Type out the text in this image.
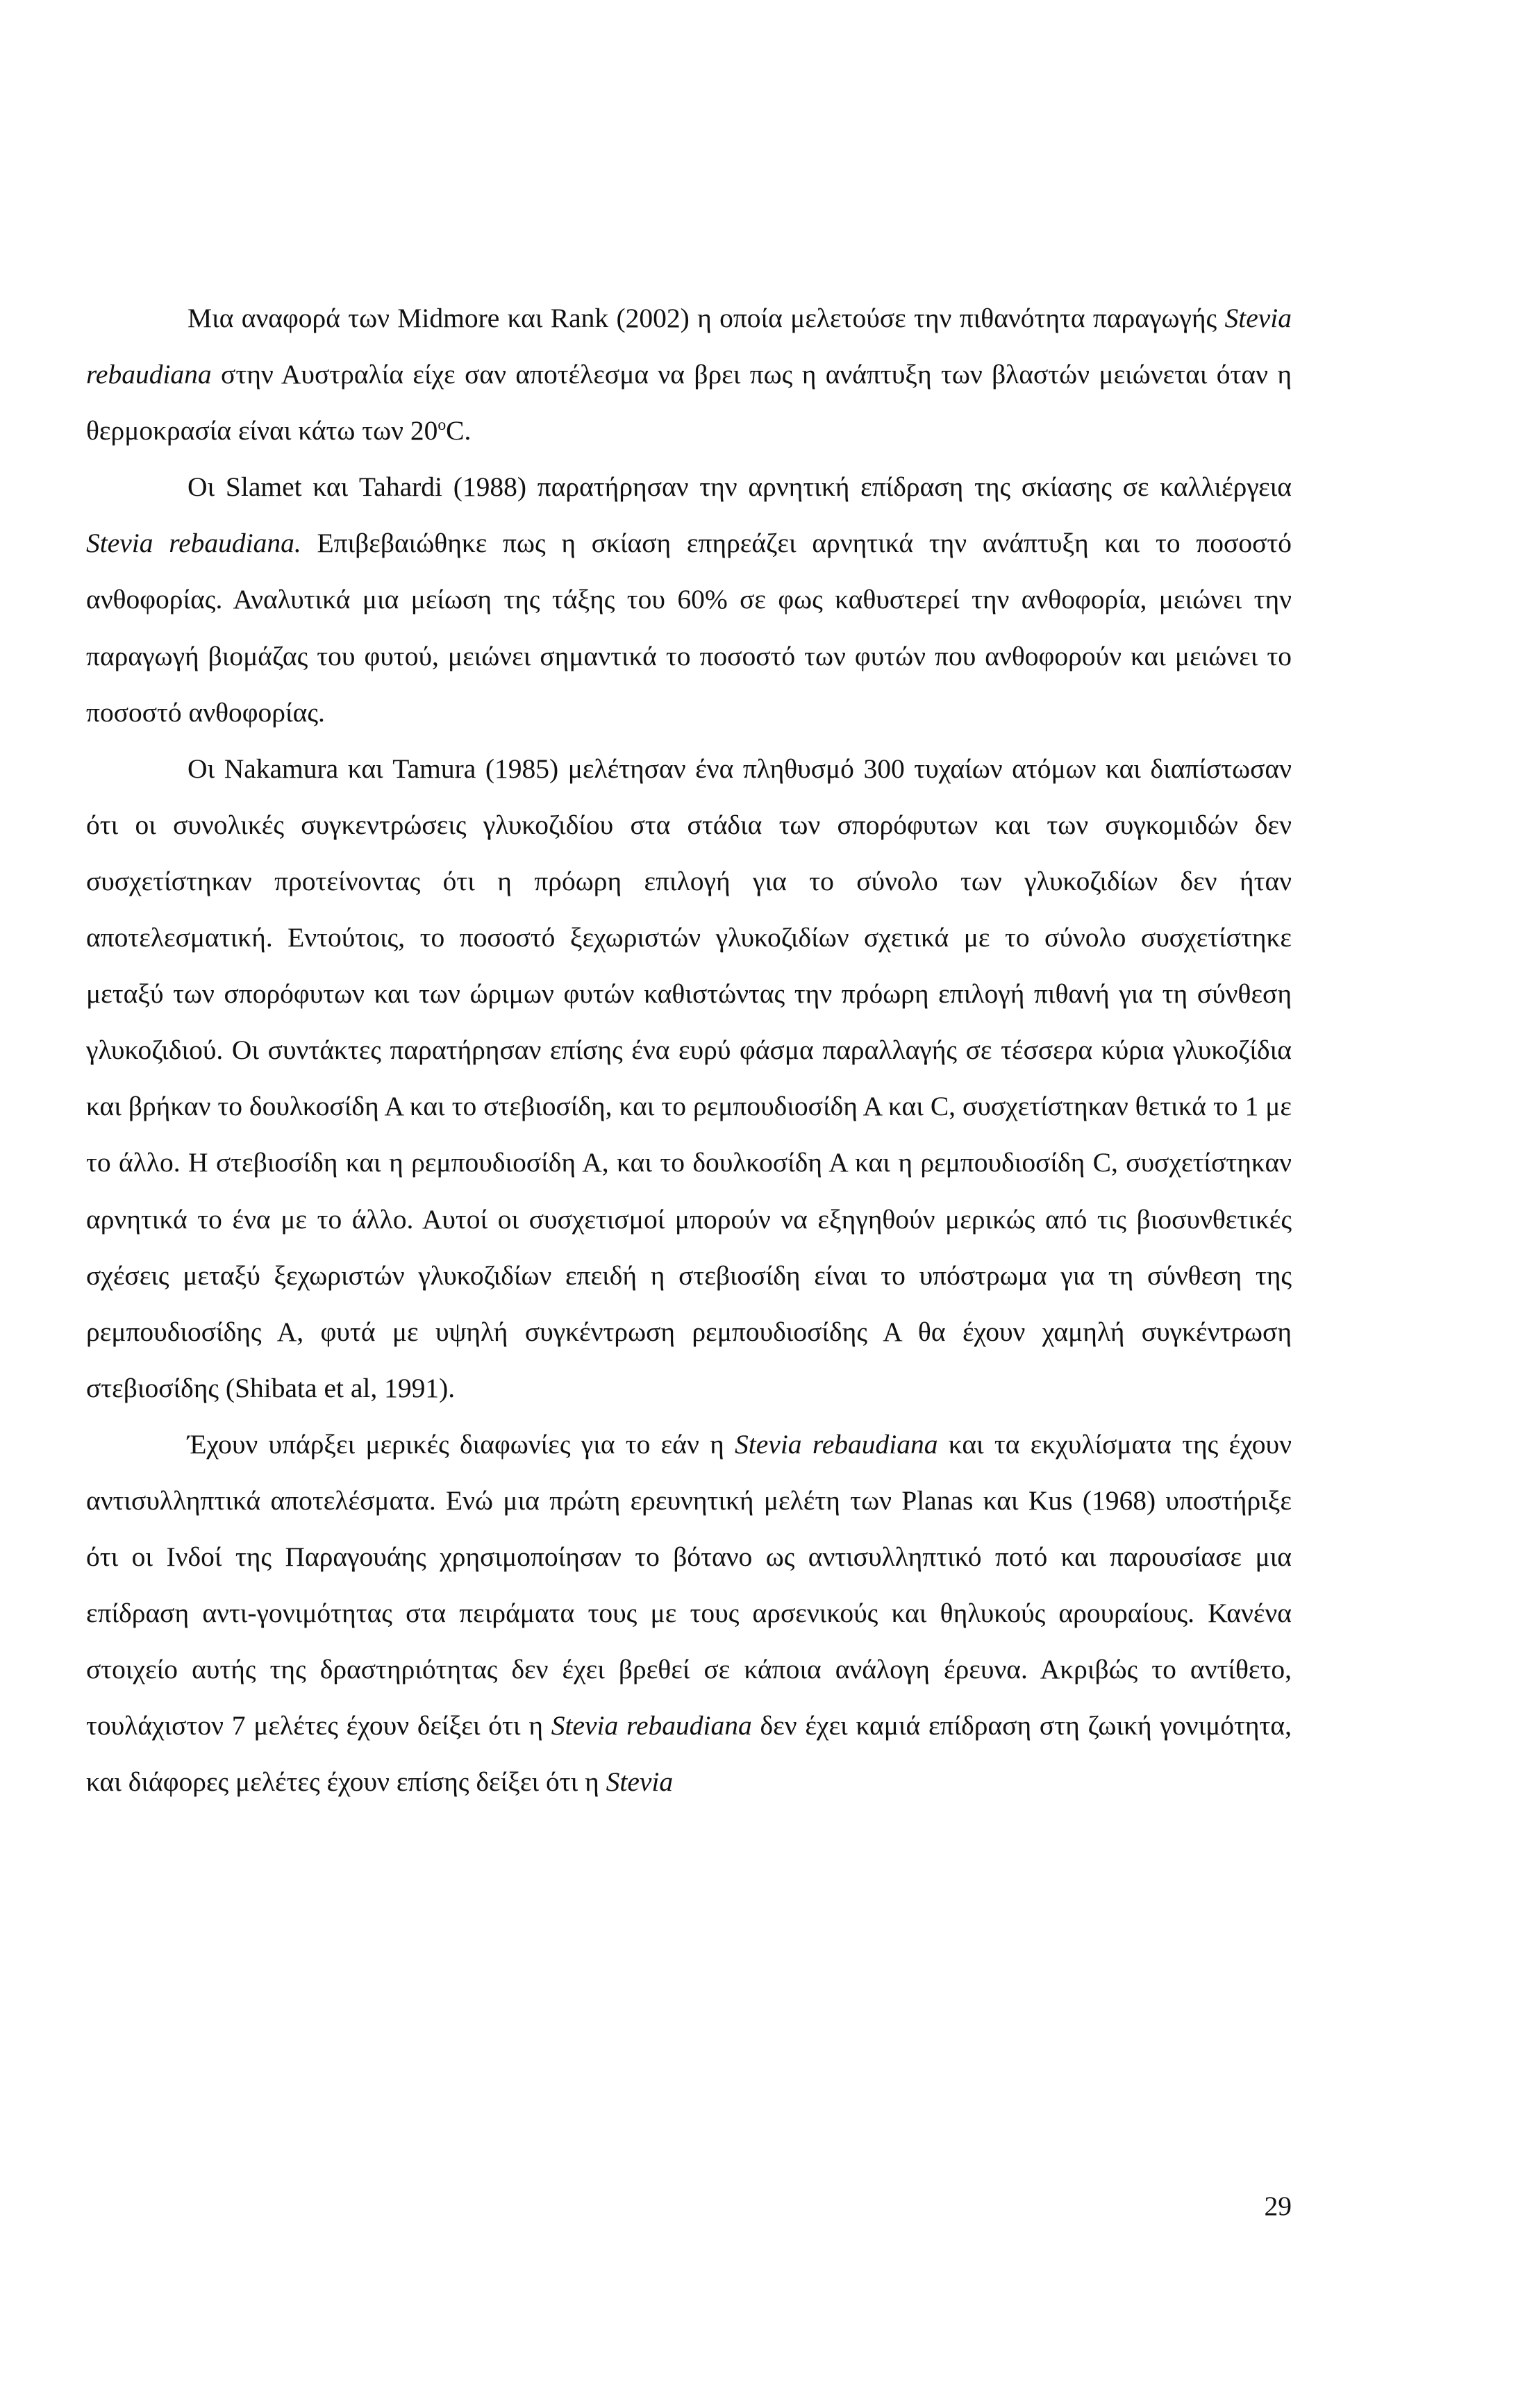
Μια αναφορά των Midmore και Rank (2002) η οποία μελετούσε την πιθανότητα παραγωγής Stevia rebaudiana στην Αυστραλία είχε σαν αποτέλεσμα να βρει πως η ανάπτυξη των βλαστών μειώνεται όταν η θερμοκρασία είναι κάτω των $20^oC$.

Οι Slamet και Tahardi (1988) παρατήρησαν την αρνητική επίδραση της σκίασης σε καλλιέργεια Stevia rebaudiana. Επιβεβαιώθηκε πως η σκίαση επηρεάζει αρνητικά την ανάπτυξη και το ποσοστό ανθοφορίας. Αναλυτικά μια μείωση της τάξης του 60% σε φως καθυστερεί την ανθοφορία, μειώνει την παραγωγή βιομάζας του φυτού, μειώνει σημαντικά το ποσοστό των φυτών που ανθοφορούν και μειώνει το ποσοστό ανθοφορίας.

Οι Nakamura και Tamura (1985) μελέτησαν ένα πληθυσμό 300 τυχαίων ατόμων και διαπίστωσαν ότι οι συνολικές συγκεντρώσεις γλυκοζιδίου στα στάδια των σπορόφυτων και των συγκομιδών δεν συσχετίστηκαν προτείνοντας ότι η πρόωρη επιλογή για το σύνολο των γλυκοζιδίων δεν ήταν αποτελεσματική. Εντούτοις, το ποσοστό ξεχωριστών γλυκοζιδίων σχετικά με το σύνολο συσχετίστηκε μεταξύ των σπορόφυτων και των ώριμων φυτών καθιστώντας την πρόωρη επιλογή πιθανή για τη σύνθεση γλυκοζιδιού. Οι συντάκτες παρατήρησαν επίσης ένα ευρύ φάσμα παραλλαγής σε τέσσερα κύρια γλυκοζίδια και βρήκαν το δουλκοσίδη Α και το στεβιοσίδη, και το ρεμπουδιοσίδη Α και C, συσχετίστηκαν θετικά το 1 με το άλλο. Η στεβιοσίδη και η ρεμπουδιοσίδη Α, και το δουλκοσίδη Α και η ρεμπουδιοσίδη C, συσχετίστηκαν αρνητικά το ένα με το άλλο. Αυτοί οι συσχετισμοί μπορούν να εξηγηθούν μερικώς από τις βιοσυνθετικές σχέσεις μεταξύ ξεχωριστών γλυκοζιδίων επειδή η στεβιοσίδη είναι το υπόστρωμα για τη σύνθεση της ρεμπουδιοσίδης Α, φυτά με υψηλή συγκέντρωση ρεμπουδιοσίδης Α θα έχουν χαμηλή συγκέντρωση στεβιοσίδης (Shibata et al, 1991).

Έχουν υπάρξει μερικές διαφωνίες για το εάν η Stevia rebaudiana και τα εκχυλίσματα της έχουν αντισυλληπτικά αποτελέσματα. Ενώ μια πρώτη ερευνητική μελέτη των Planas και Kus (1968) υποστήριξε ότι οι Ινδοί της Παραγουάης χρησιμοποίησαν το βότανο ως αντισυλληπτικό ποτό και παρουσίασε μια επίδραση αντι-γονιμότητας στα πειράματα τους με τους αρσενικούς και θηλυκούς αρουραίους. Κανένα στοιχείο αυτής της δραστηριότητας δεν έχει βρεθεί σε κάποια ανάλογη έρευνα. Ακριβώς το αντίθετο, τουλάχιστον 7 μελέτες έχουν δείξει ότι η Stevia rebaudiana δεν έχει καμιά επίδραση στη ζωική γονιμότητα, και διάφορες μελέτες έχουν επίσης δείξει ότι η Stevia

29
